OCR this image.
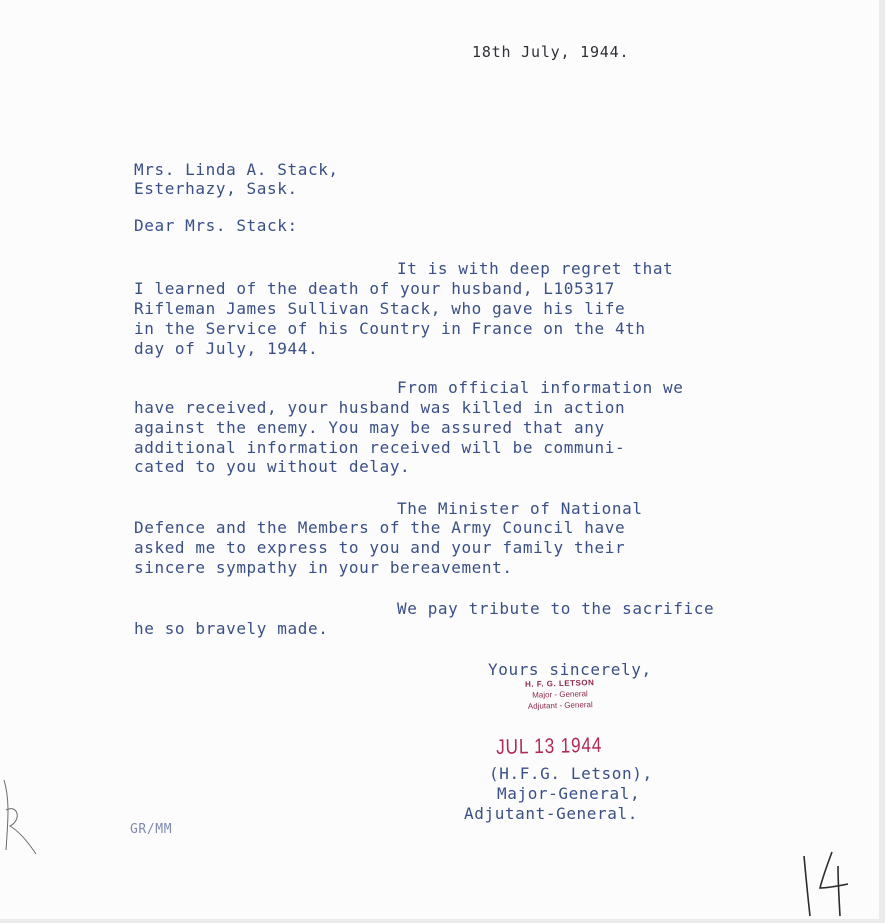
18th July, 1944.
Mrs. Linda A. Stack,
Esterhazy, Sask.
Dear Mrs. Stack:
It is with deep regret that
I learned of the death of your husband, L105317
Rifleman James Sullivan Stack, who gave his life
in the Service of his Country in France on the 4th
day of July, 1944.
From official information we
have received, your husband was killed in action
against the enemy. You may be assured that any
additional information received will be communi-
cated to you without delay.
The Minister of National
Defence and the Members of the Army Council have
asked me to express to you and your family their
sincere sympathy in your bereavement.
We pay tribute to the sacrifice
he so bravely made.
Yours sincerely,
H. F. G. LETSON
Major - General
Adjutant - General
JUL 13 1944
(H.F.G. Letson),
Major-General,
Adjutant-General.
GR/MM
